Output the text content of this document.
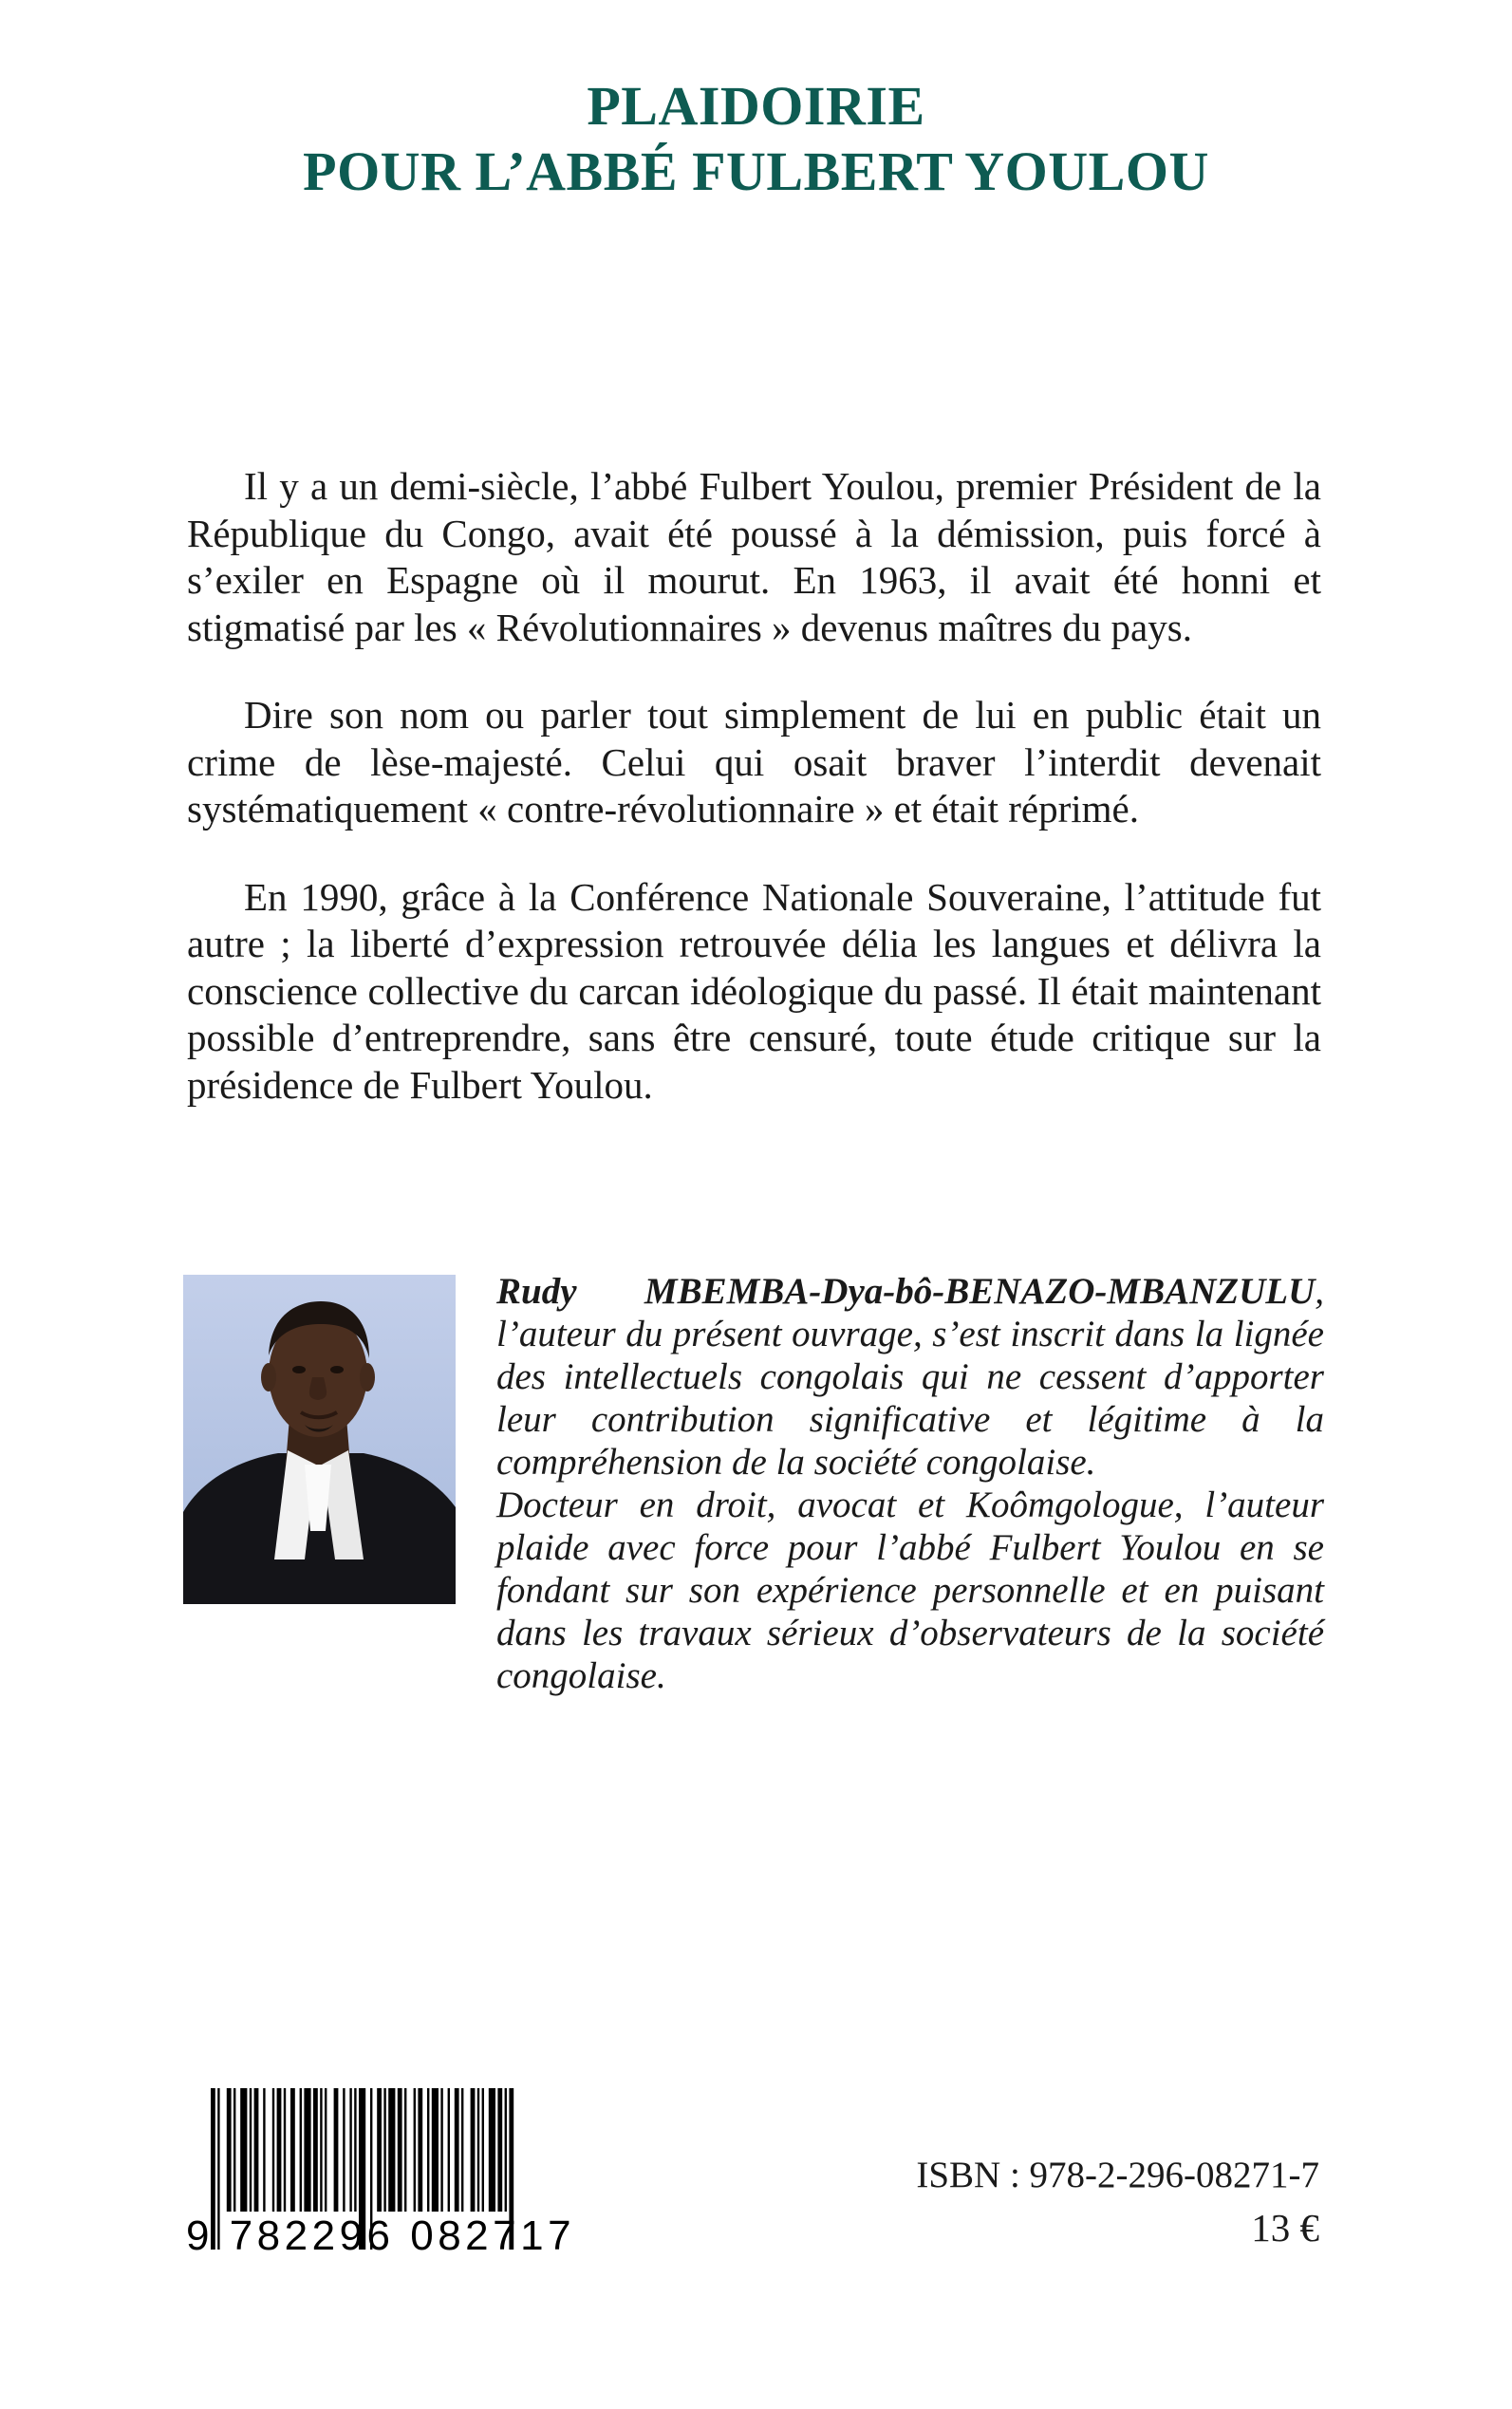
PLAIDOIRIE
POUR L’ABBÉ FULBERT YOULOU

Il y a un demi-siècle, l’abbé Fulbert Youlou, premier Président de la République du Congo, avait été poussé à la démission, puis forcé à s’exiler en Espagne où il mourut. En 1963, il avait été honni et stigmatisé par les « Révolutionnaires » devenus maîtres du pays.

Dire son nom ou parler tout simplement de lui en public était un crime de lèse-majesté. Celui qui osait braver l’interdit devenait systématiquement « contre-révolutionnaire » et était réprimé.

En 1990, grâce à la Conférence Nationale Souveraine, l’attitude fut autre ; la liberté d’expression retrouvée délia les langues et délivra la conscience collective du carcan idéologique du passé. Il était maintenant possible d’entreprendre, sans être censuré, toute étude critique sur la présidence de Fulbert Youlou.

Rudy MBEMBA-Dya-bô-BENAZO-MBANZULU, l’auteur du présent ouvrage, s’est inscrit dans la lignée des intellectuels congolais qui ne cessent d’apporter leur contribution significative et légitime à la compréhension de la société congolaise.

Docteur en droit, avocat et Koômgologue, l’auteur plaide avec force pour l’abbé Fulbert Youlou en se fondant sur son expérience personnelle et en puisant dans les travaux sérieux d’observateurs de la société congolaise.

9 782296 082717
ISBN : 978-2-296-08271-7
13 €
